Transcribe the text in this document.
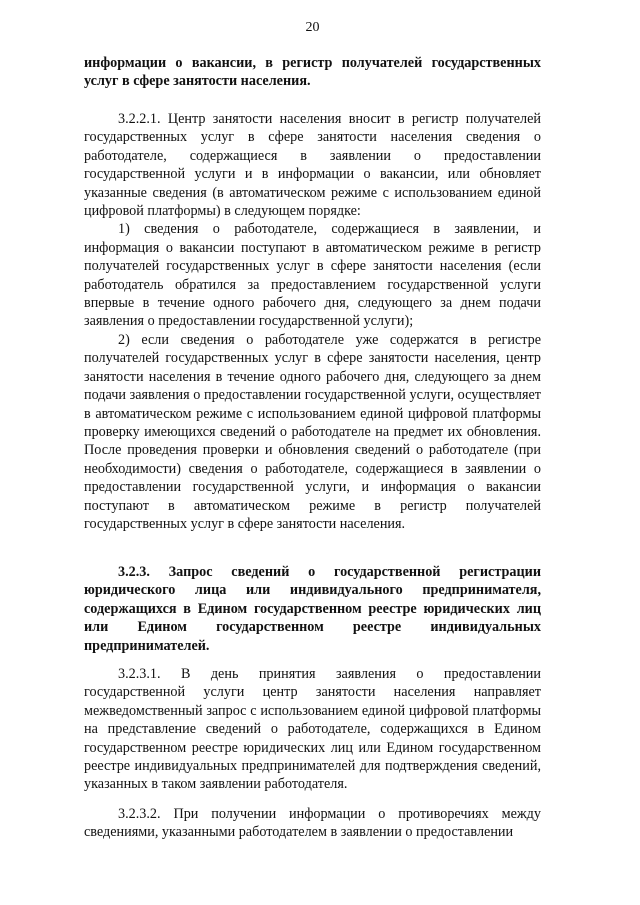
20

информации о вакансии, в регистр получателей государственных услуг в сфере занятости населения.

3.2.2.1. Центр занятости населения вносит в регистр получателей государственных услуг в сфере занятости населения сведения о работодателе, содержащиеся в заявлении о предоставлении государственной услуги и в информации о вакансии, или обновляет указанные сведения (в автоматическом режиме с использованием единой цифровой платформы) в следующем порядке:

1) сведения о работодателе, содержащиеся в заявлении, и информация о вакансии поступают в автоматическом режиме в регистр получателей государственных услуг в сфере занятости населения (если работодатель обратился за предоставлением государственной услуги впервые в течение одного рабочего дня, следующего за днем подачи заявления о предоставлении государственной услуги);

2) если сведения о работодателе уже содержатся в регистре получателей государственных услуг в сфере занятости населения, центр занятости населения в течение одного рабочего дня, следующего за днем подачи заявления о предоставлении государственной услуги, осуществляет в автоматическом режиме с использованием единой цифровой платформы проверку имеющихся сведений о работодателе на предмет их обновления. После проведения проверки и обновления сведений о работодателе (при необходимости) сведения о работодателе, содержащиеся в заявлении о предоставлении государственной услуги, и информация о вакансии поступают в автоматическом режиме в регистр получателей государственных услуг в сфере занятости населения.

3.2.3. Запрос сведений о государственной регистрации юридического лица или индивидуального предпринимателя, содержащихся в Едином государственном реестре юридических лиц или Едином государственном реестре индивидуальных предпринимателей.

3.2.3.1. В день принятия заявления о предоставлении государственной услуги центр занятости населения направляет межведомственный запрос с использованием единой цифровой платформы на представление сведений о работодателе, содержащихся в Едином государственном реестре юридических лиц или Едином государственном реестре индивидуальных предпринимателей для подтверждения сведений, указанных в таком заявлении работодателя.

3.2.3.2. При получении информации о противоречиях между сведениями, указанными работодателем в заявлении о предоставлении
